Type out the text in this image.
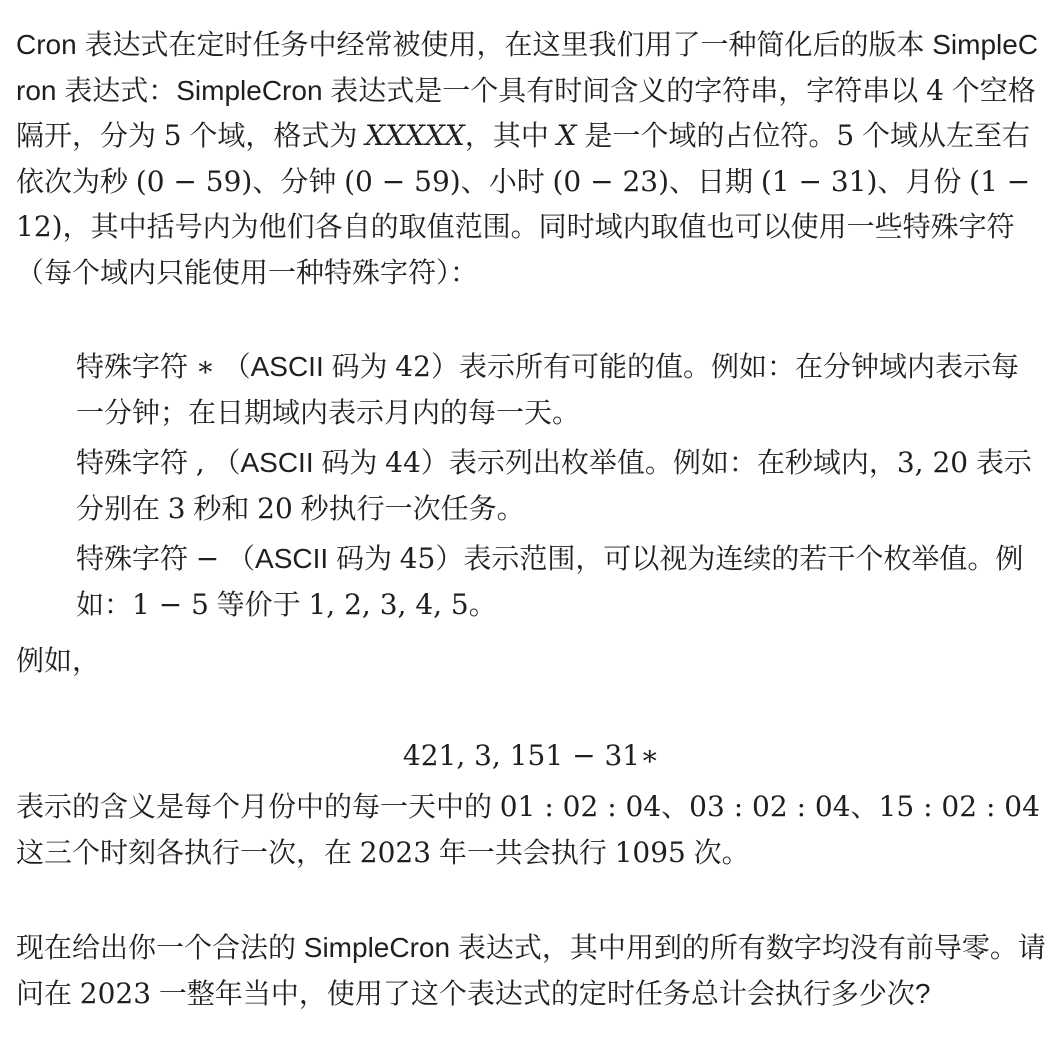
Cron 表达式在定时任务中经常被使用，在这里我们用了一种简化后的版本 SimpleCron 表达式：SimpleCron 表达式是一个具有时间含义的字符串，字符串以 4 个空格隔开，分为 5 个域，格式为 XXXXX，其中 X 是一个域的占位符。5 个域从左至右依次为秒 (0 − 59)、分钟 (0 − 59)、小时 (0 − 23)、日期 (1 − 31)、月份 (1 − 12)，其中括号内为他们各自的取值范围。同时域内取值也可以使用一些特殊字符（每个域内只能使用一种特殊字符）：

特殊字符 ∗ （ASCII 码为 42）表示所有可能的值。例如：在分钟域内表示每一分钟；在日期域内表示月内的每一天。
特殊字符 , （ASCII 码为 44）表示列出枚举值。例如：在秒域内，3, 20 表示分别在 3 秒和 20 秒执行一次任务。
特殊字符 − （ASCII 码为 45）表示范围，可以视为连续的若干个枚举值。例如：1 − 5 等价于 1, 2, 3, 4, 5。

例如，

421, 3, 151 − 31∗

表示的含义是每个月份中的每一天中的 01 : 02 : 04、03 : 02 : 04、15 : 02 : 04 这三个时刻各执行一次，在 2023 年一共会执行 1095 次。

现在给出你一个合法的 SimpleCron 表达式，其中用到的所有数字均没有前导零。请问在 2023 一整年当中，使用了这个表达式的定时任务总计会执行多少次?
